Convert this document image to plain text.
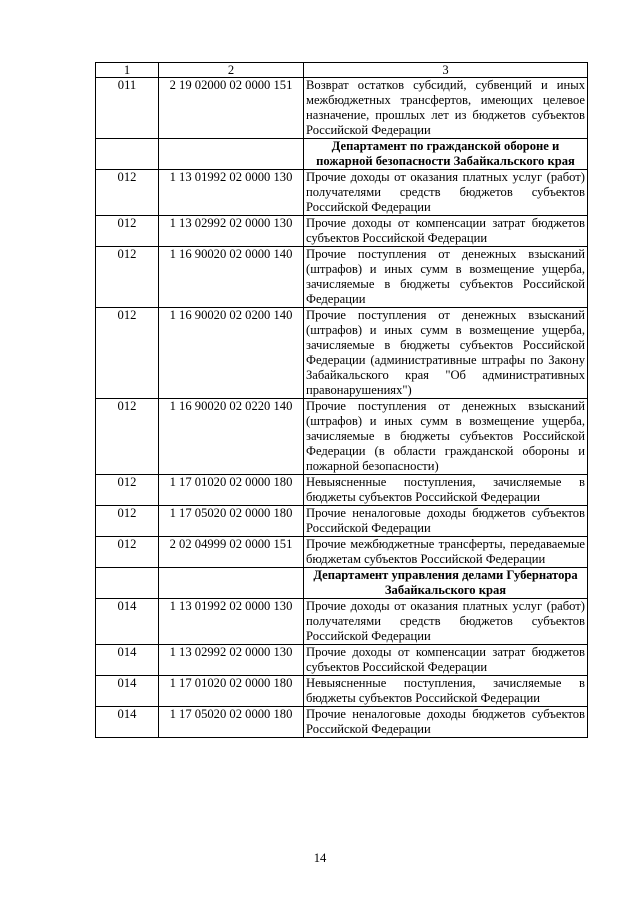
1	2	3
011	2 19 02000 02 0000 151	Возврат остатков субсидий, субвенций и иных межбюджетных трансфертов, имеющих целевое назначение, прошлых лет из бюджетов субъектов Российской Федерации
		Департамент по гражданской обороне и пожарной безопасности Забайкальского края
012	1 13 01992 02 0000 130	Прочие доходы от оказания платных услуг (работ) получателями средств бюджетов субъектов Российской Федерации
012	1 13 02992 02 0000 130	Прочие доходы от компенсации затрат бюджетов субъектов Российской Федерации
012	1 16 90020 02 0000 140	Прочие поступления от денежных взысканий (штрафов) и иных сумм в возмещение ущерба, зачисляемые в бюджеты субъектов Российской Федерации
012	1 16 90020 02 0200 140	Прочие поступления от денежных взысканий (штрафов) и иных сумм в возмещение ущерба, зачисляемые в бюджеты субъектов Российской Федерации (административные штрафы по Закону Забайкальского края "Об административных правонарушениях")
012	1 16 90020 02 0220 140	Прочие поступления от денежных взысканий (штрафов) и иных сумм в возмещение ущерба, зачисляемые в бюджеты субъектов Российской Федерации (в области гражданской обороны и пожарной безопасности)
012	1 17 01020 02 0000 180	Невыясненные поступления, зачисляемые в бюджеты субъектов Российской Федерации
012	1 17 05020 02 0000 180	Прочие неналоговые доходы бюджетов субъектов Российской Федерации
012	2 02 04999 02 0000 151	Прочие межбюджетные трансферты, передаваемые бюджетам субъектов Российской Федерации
		Департамент управления делами Губернатора Забайкальского края
014	1 13 01992 02 0000 130	Прочие доходы от оказания платных услуг (работ) получателями средств бюджетов субъектов Российской Федерации
014	1 13 02992 02 0000 130	Прочие доходы от компенсации затрат бюджетов субъектов Российской Федерации
014	1 17 01020 02 0000 180	Невыясненные поступления, зачисляемые в бюджеты субъектов Российской Федерации
014	1 17 05020 02 0000 180	Прочие неналоговые доходы бюджетов субъектов Российской Федерации
14
